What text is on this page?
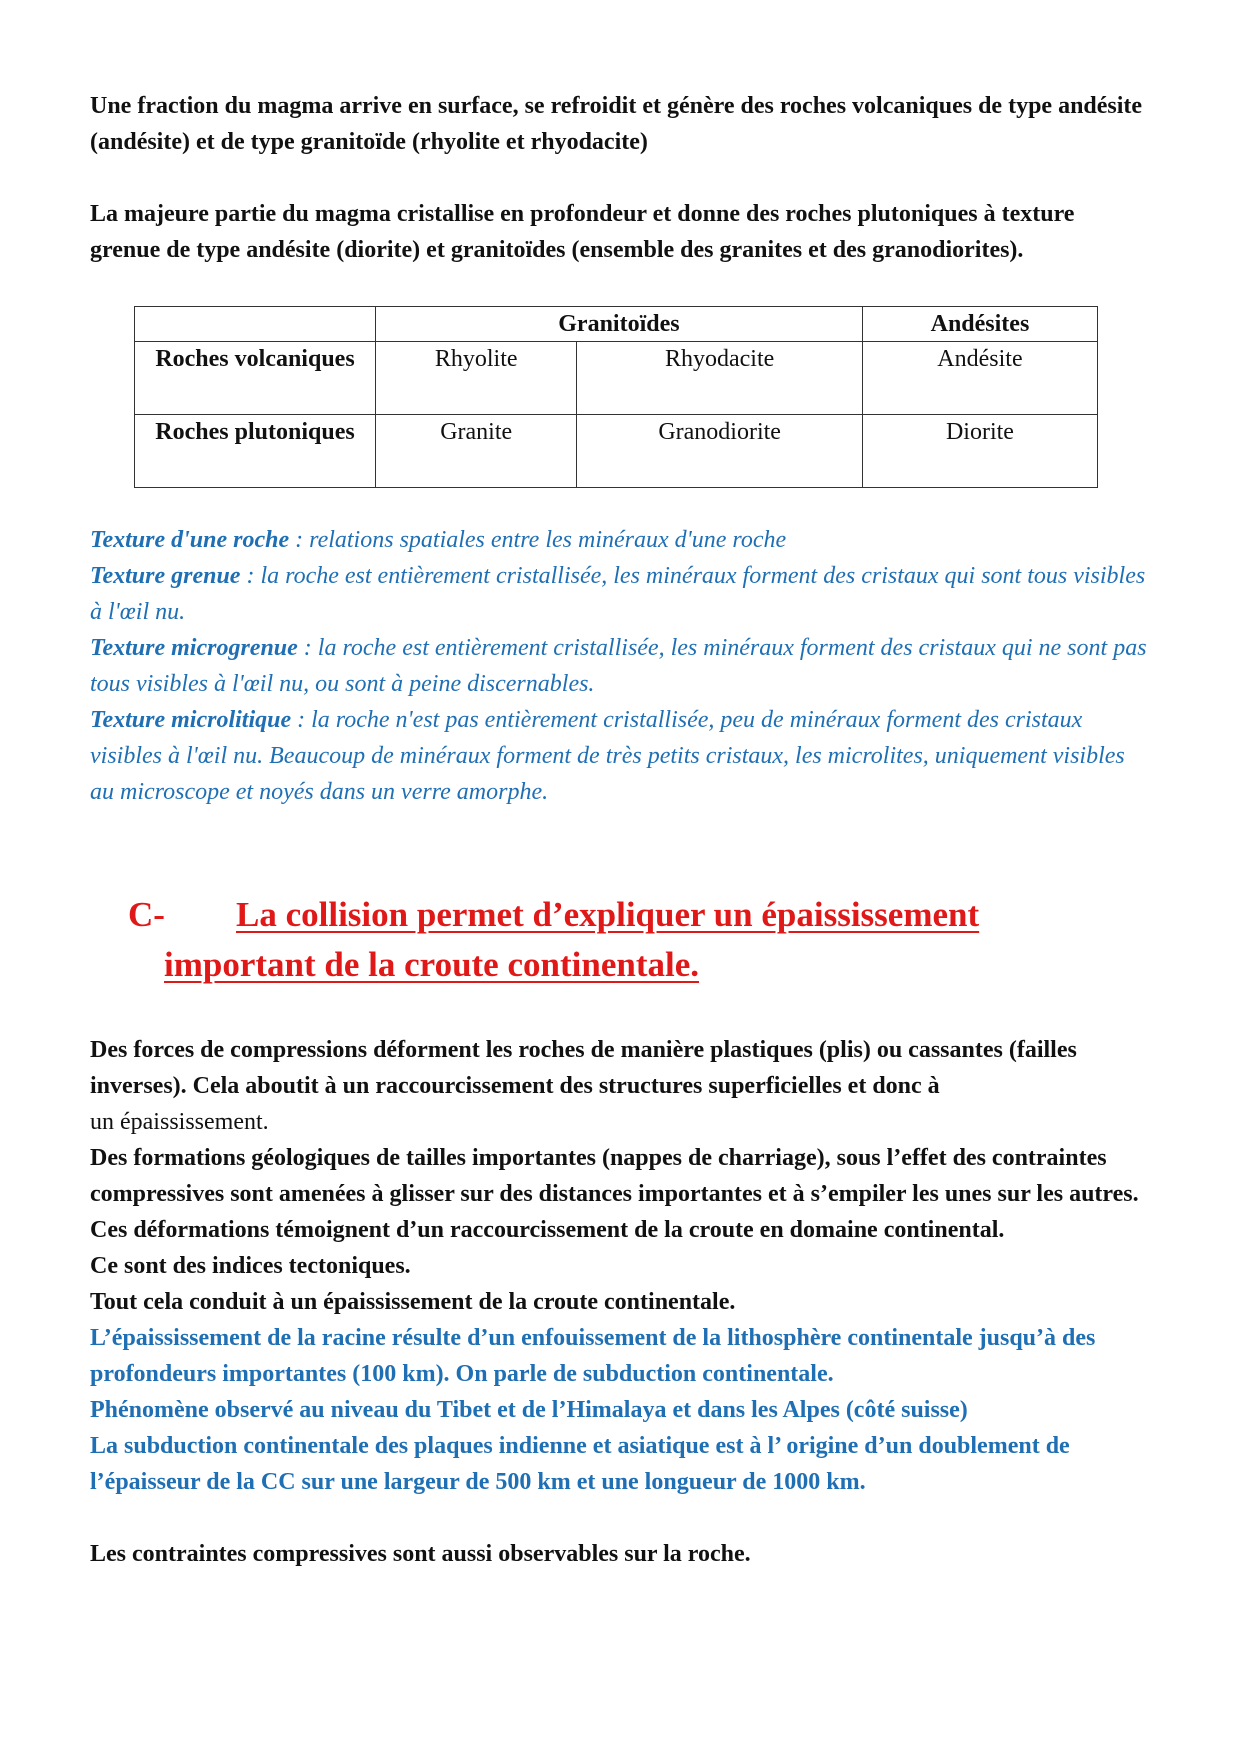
Une fraction du magma arrive en surface, se refroidit et génère des roches volcaniques de type andésite (andésite) et de type granitoïde (rhyolite et rhyodacite)

La majeure partie du magma cristallise en profondeur et donne des roches plutoniques à texture grenue de type andésite (diorite) et granitoïdes (ensemble des granites et des granodiorites).

	Granitoïdes		Andésites
Roches volcaniques	Rhyolite	Rhyodacite	Andésite
Roches plutoniques	Granite	Granodiorite	Diorite

Texture d'une roche : relations spatiales entre les minéraux d'une roche

Texture grenue : la roche est entièrement cristallisée, les minéraux forment des cristaux qui sont tous visibles à l'œil nu.

Texture microgrenue : la roche est entièrement cristallisée, les minéraux forment des cristaux qui ne sont pas tous visibles à l'œil nu, ou sont à peine discernables.

Texture microlitique : la roche n'est pas entièrement cristallisée, peu de minéraux forment des cristaux visibles à l'œil nu. Beaucoup de minéraux forment de très petits cristaux, les microlites, uniquement visibles au microscope et noyés dans un verre amorphe.

C-	La collision permet d’expliquer un épaississement
important de la croute continentale.

Des forces de compressions déforment les roches de manière plastiques (plis) ou cassantes (failles inverses). Cela aboutit à un raccourcissement des structures superficielles et donc à
un épaississement.

Des formations géologiques de tailles importantes (nappes de charriage), sous l’effet des contraintes compressives sont amenées à glisser sur des distances importantes et à s’empiler les unes sur les autres.

Ces déformations témoignent d’un raccourcissement de la croute en domaine continental.

Ce sont des indices tectoniques.

Tout cela conduit à un épaississement de la croute continentale.

L’épaississement de la racine résulte d’un enfouissement de la lithosphère continentale jusqu’à des profondeurs importantes (100 km). On parle de subduction continentale.

Phénomène observé au niveau du Tibet et de l’Himalaya et dans les Alpes (côté suisse)

La subduction continentale des plaques indienne et asiatique est à l’ origine d’un doublement de l’épaisseur de la CC sur une largeur de 500 km et une longueur de 1000 km.

Les contraintes compressives sont aussi observables sur la roche.
